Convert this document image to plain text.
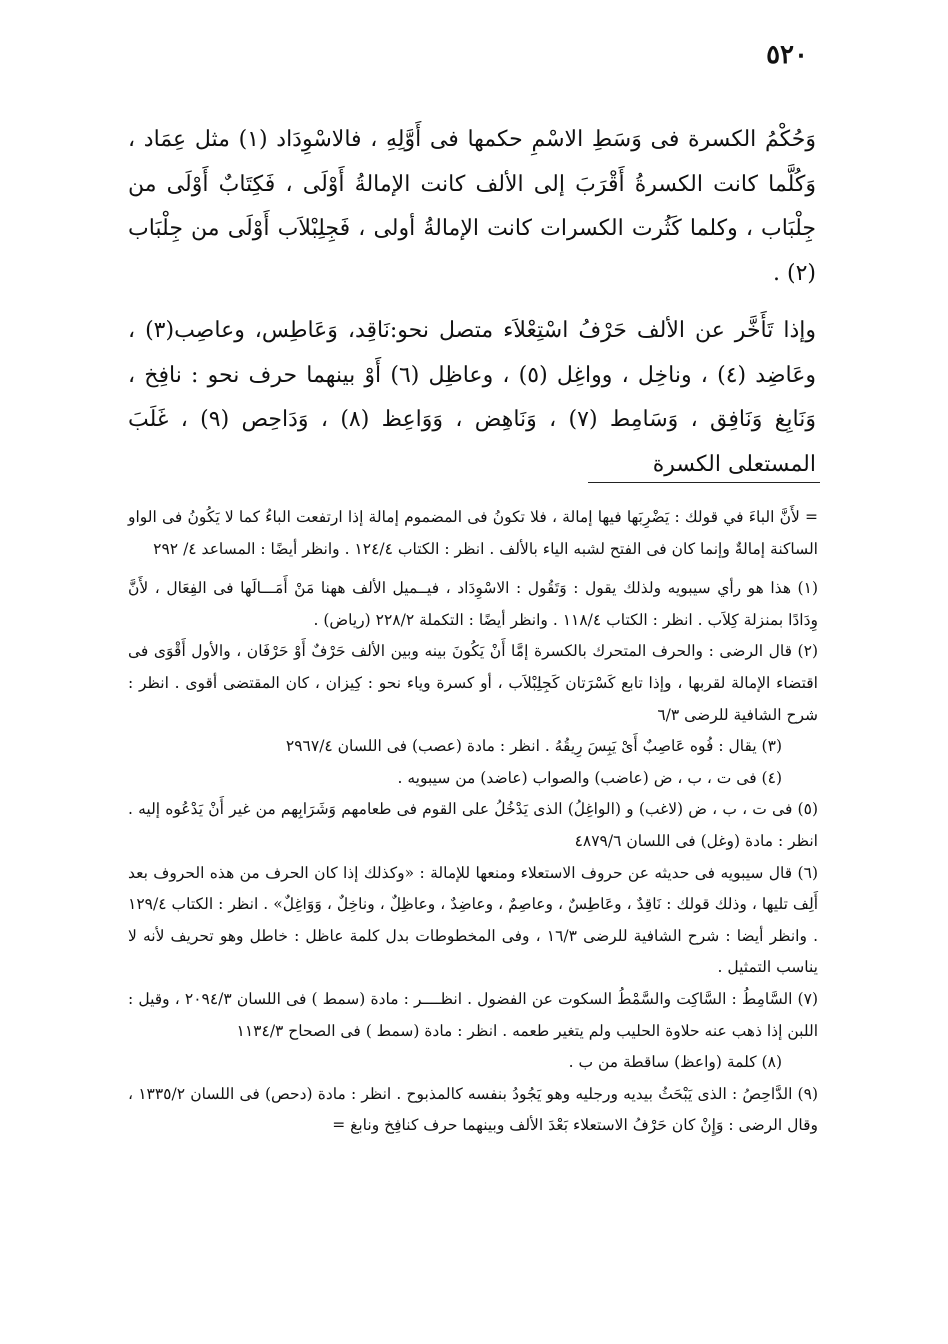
٥٢٠

وَحُكْمُ الكسرة فى وَسَطِ الاسْمِ حكمها فى أَوَّلِهِ ، فالاسْوِدَاد (١) مثل عِمَاد ، وَكُلَّما كانت الكسرةُ أَقْرَبَ إلى الألف كانت الإمالةُ أَوْلَى ، فَكِتَابٌ أَوْلَى من جِلْبَاب ، وكلما كَثُرت الكسرات كانت الإمالةُ أولى ، فَجِلِبْلاَب أَوْلَى من جِلْبَاب (٢) .

وإذا تَأَخَّر عن الألف حَرْفُ اسْتِعْلاَء متصل نحو:نَاقِد، وَعَاطِس، وعاصِب(٣) ، وعَاضِد (٤) ، وناخِل ، وواغِل (٥) ، وعاظِل (٦) أَوْ بينهما حرف نحو : نافِخ ، وَنَابِغ وَنَافِق ، وَسَامِط (٧) ، وَنَاهِض ، وَوَاعِظ (٨) ، وَدَاحِص (٩) ، غَلَبَ المستعلى الكسرة

= لأَنَّ الباءَ في قولك : يَضْرِبَها فيها إمالة ، فلا تكونُ فى المضموم إمالة إذا ارتفعت الباءُ كما لا يَكُونُ فى الواو الساكنة إمالةٌ وإنما كان فى الفتح لشبه الياء بالألف . انظر : الكتاب ١٢٤/٤ . وانظر أيضًا : المساعد ٤/ ٢٩٢

(١) هذا هو رأي سيبويه ولذلك يقول : وَتَقُول : الاسْوِدَاد ، فيــميل الألف ههنا مَنْ أَمَـــالَها فى الفِعَال ، لأَنَّ وِدَادًا بمنزلة كِلاَب . انظر : الكتاب ١١٨/٤ . وانظر أيضًا : التكملة ٢٢٨/٢ (رياض) .

(٢) قال الرضى : والحرف المتحرك بالكسرة إمَّا أَنْ يَكُونَ بينه وبين الألف حَرْفٌ أَوْ حَرْفَان ، والأول أَقْوَى فى اقتضاء الإمالة لقربها ، وإذا تابع كَسْرَتان كَجِلِبْلاَب ، أو كسرة وياء نحو : كِيزان ، كان المقتضى أقوى . انظر : شرح الشافية للرضى ٦/٣

(٣) يقال : فُوه عَاصِبٌ أَىْ يَبِسَ رِيقُهُ . انظر : مادة (عصب) فى اللسان ٢٩٦٧/٤

(٤) فى ت ، ب ، ض (عاضب) والصواب (عاضد) من سيبويه .

(٥) فى ت ، ب ، ض (لاغب) و (الواغِلُ) الذى يَدْخُلُ على القوم فى طعامهم وَشَرَابِهم من غير أَنْ يَدْعُوه إليه . انظر : مادة (وغل) فى اللسان ٤٨٧٩/٦

(٦) قال سيبويه فى حديثه عن حروف الاستعلاء ومنعها للإمالة : «وكذلك إذا كان الحرف من هذه الحروف بعد أَلِف تليها ، وذلك قولك : نَاقِدٌ ، وعَاطِسٌ ، وعاصِمٌ ، وعاضِدٌ ، وعاظِلٌ ، وناخِلٌ ، وَوَاغِلٌ» . انظر : الكتاب ١٢٩/٤ . وانظر أيضا : شرح الشافية للرضى ١٦/٣ ، وفى المخطوطات بدل كلمة عاظل : خاطل وهو تحريف لأنه لا يناسب التمثيل .

(٧) السَّامِطُ : السَّاكِت والسَّمْطُ السكوت عن الفضول . انظــــر : مادة (سمط ) فى اللسان ٢٠٩٤/٣ ، وقيل : اللبن إذا ذهب عنه حلاوة الحليب ولم يتغير طعمه . انظر : مادة (سمط ) فى الصحاح ١١٣٤/٣

(٨) كلمة (واعظ) ساقطة من ب .

(٩) الدَّاحِصُ : الذى يَبْحَثُ بيديه ورجليه وهو يَجُودُ بنفسه كالمذبوح . انظر : مادة (دحص) فى اللسان ١٣٣٥/٢ ، وقال الرضى : وَإِنْ كان حَرْفُ الاستعلاء بَعْدَ الألف وبينهما حرف كنافِخ ونابغ =
